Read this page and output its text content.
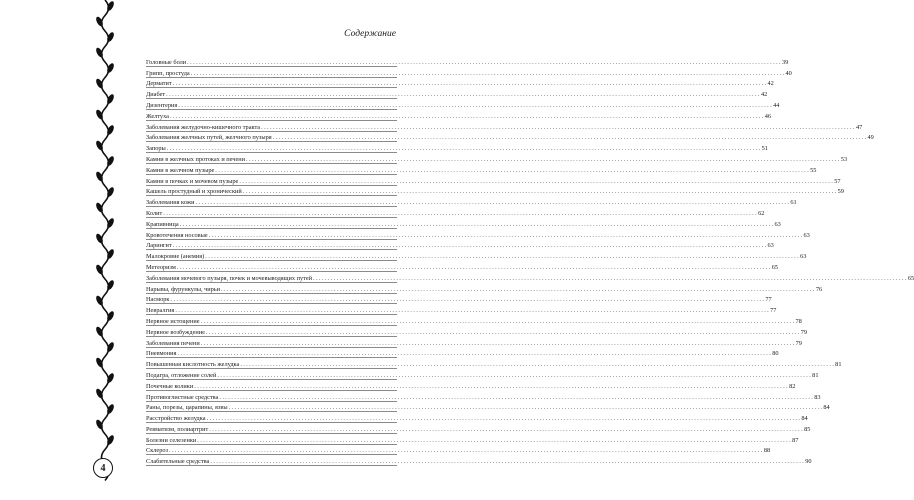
Содержание
Головные боли ........................................................................................................................................................................................................ 39
Грипп, простуда ........................................................................................................................................................................................................ 40
Дерматит ........................................................................................................................................................................................................ 42
Диабет ........................................................................................................................................................................................................ 42
Дизентерия ........................................................................................................................................................................................................ 44
Желтуха ........................................................................................................................................................................................................ 46
Заболевания желудочно-кишечного тракта ........................................................................................................................................................................................................ 47
Заболевания желчных путей, желчного пузыря ........................................................................................................................................................................................................ 49
Запоры ........................................................................................................................................................................................................ 51
Камни в желчных протоках и печени ........................................................................................................................................................................................................ 53
Камни в желчном пузыре ........................................................................................................................................................................................................ 55
Камни в почках и мочевом пузыре ........................................................................................................................................................................................................ 57
Кашель простудный и хронический ........................................................................................................................................................................................................ 59
Заболевания кожи ........................................................................................................................................................................................................ 61
Колит ........................................................................................................................................................................................................ 62
Крапивница ........................................................................................................................................................................................................ 63
Кровотечения носовые ........................................................................................................................................................................................................ 63
Ларингит ........................................................................................................................................................................................................ 63
Малокровие (анемия) ........................................................................................................................................................................................................ 63
Метеоризм ........................................................................................................................................................................................................ 65
Заболевания мочевого пузыря, почек и мочевыводящих путей ........................................................................................................................................................................................................ 65
Нарывы, фурункулы, чирьи ........................................................................................................................................................................................................ 76
Насморк ........................................................................................................................................................................................................ 77
Невралгия ........................................................................................................................................................................................................ 77
Нервное истощение ........................................................................................................................................................................................................ 78
Нервное возбуждение ........................................................................................................................................................................................................ 79
Заболевания печени ........................................................................................................................................................................................................ 79
Пневмония ........................................................................................................................................................................................................ 80
Повышенная кислотность желудка ........................................................................................................................................................................................................ 81
Подагра, отложение солей ........................................................................................................................................................................................................ 81
Почечные колики ........................................................................................................................................................................................................ 82
Противоглистные средства ........................................................................................................................................................................................................ 83
Раны, порезы, царапины, язвы ........................................................................................................................................................................................................ 84
Расстройство желудка ........................................................................................................................................................................................................ 84
Ревматизм, полиартрит ........................................................................................................................................................................................................ 85
Болезни селезенки ........................................................................................................................................................................................................ 87
Склероз ........................................................................................................................................................................................................ 88
Слабительные средства ........................................................................................................................................................................................................ 90
4
